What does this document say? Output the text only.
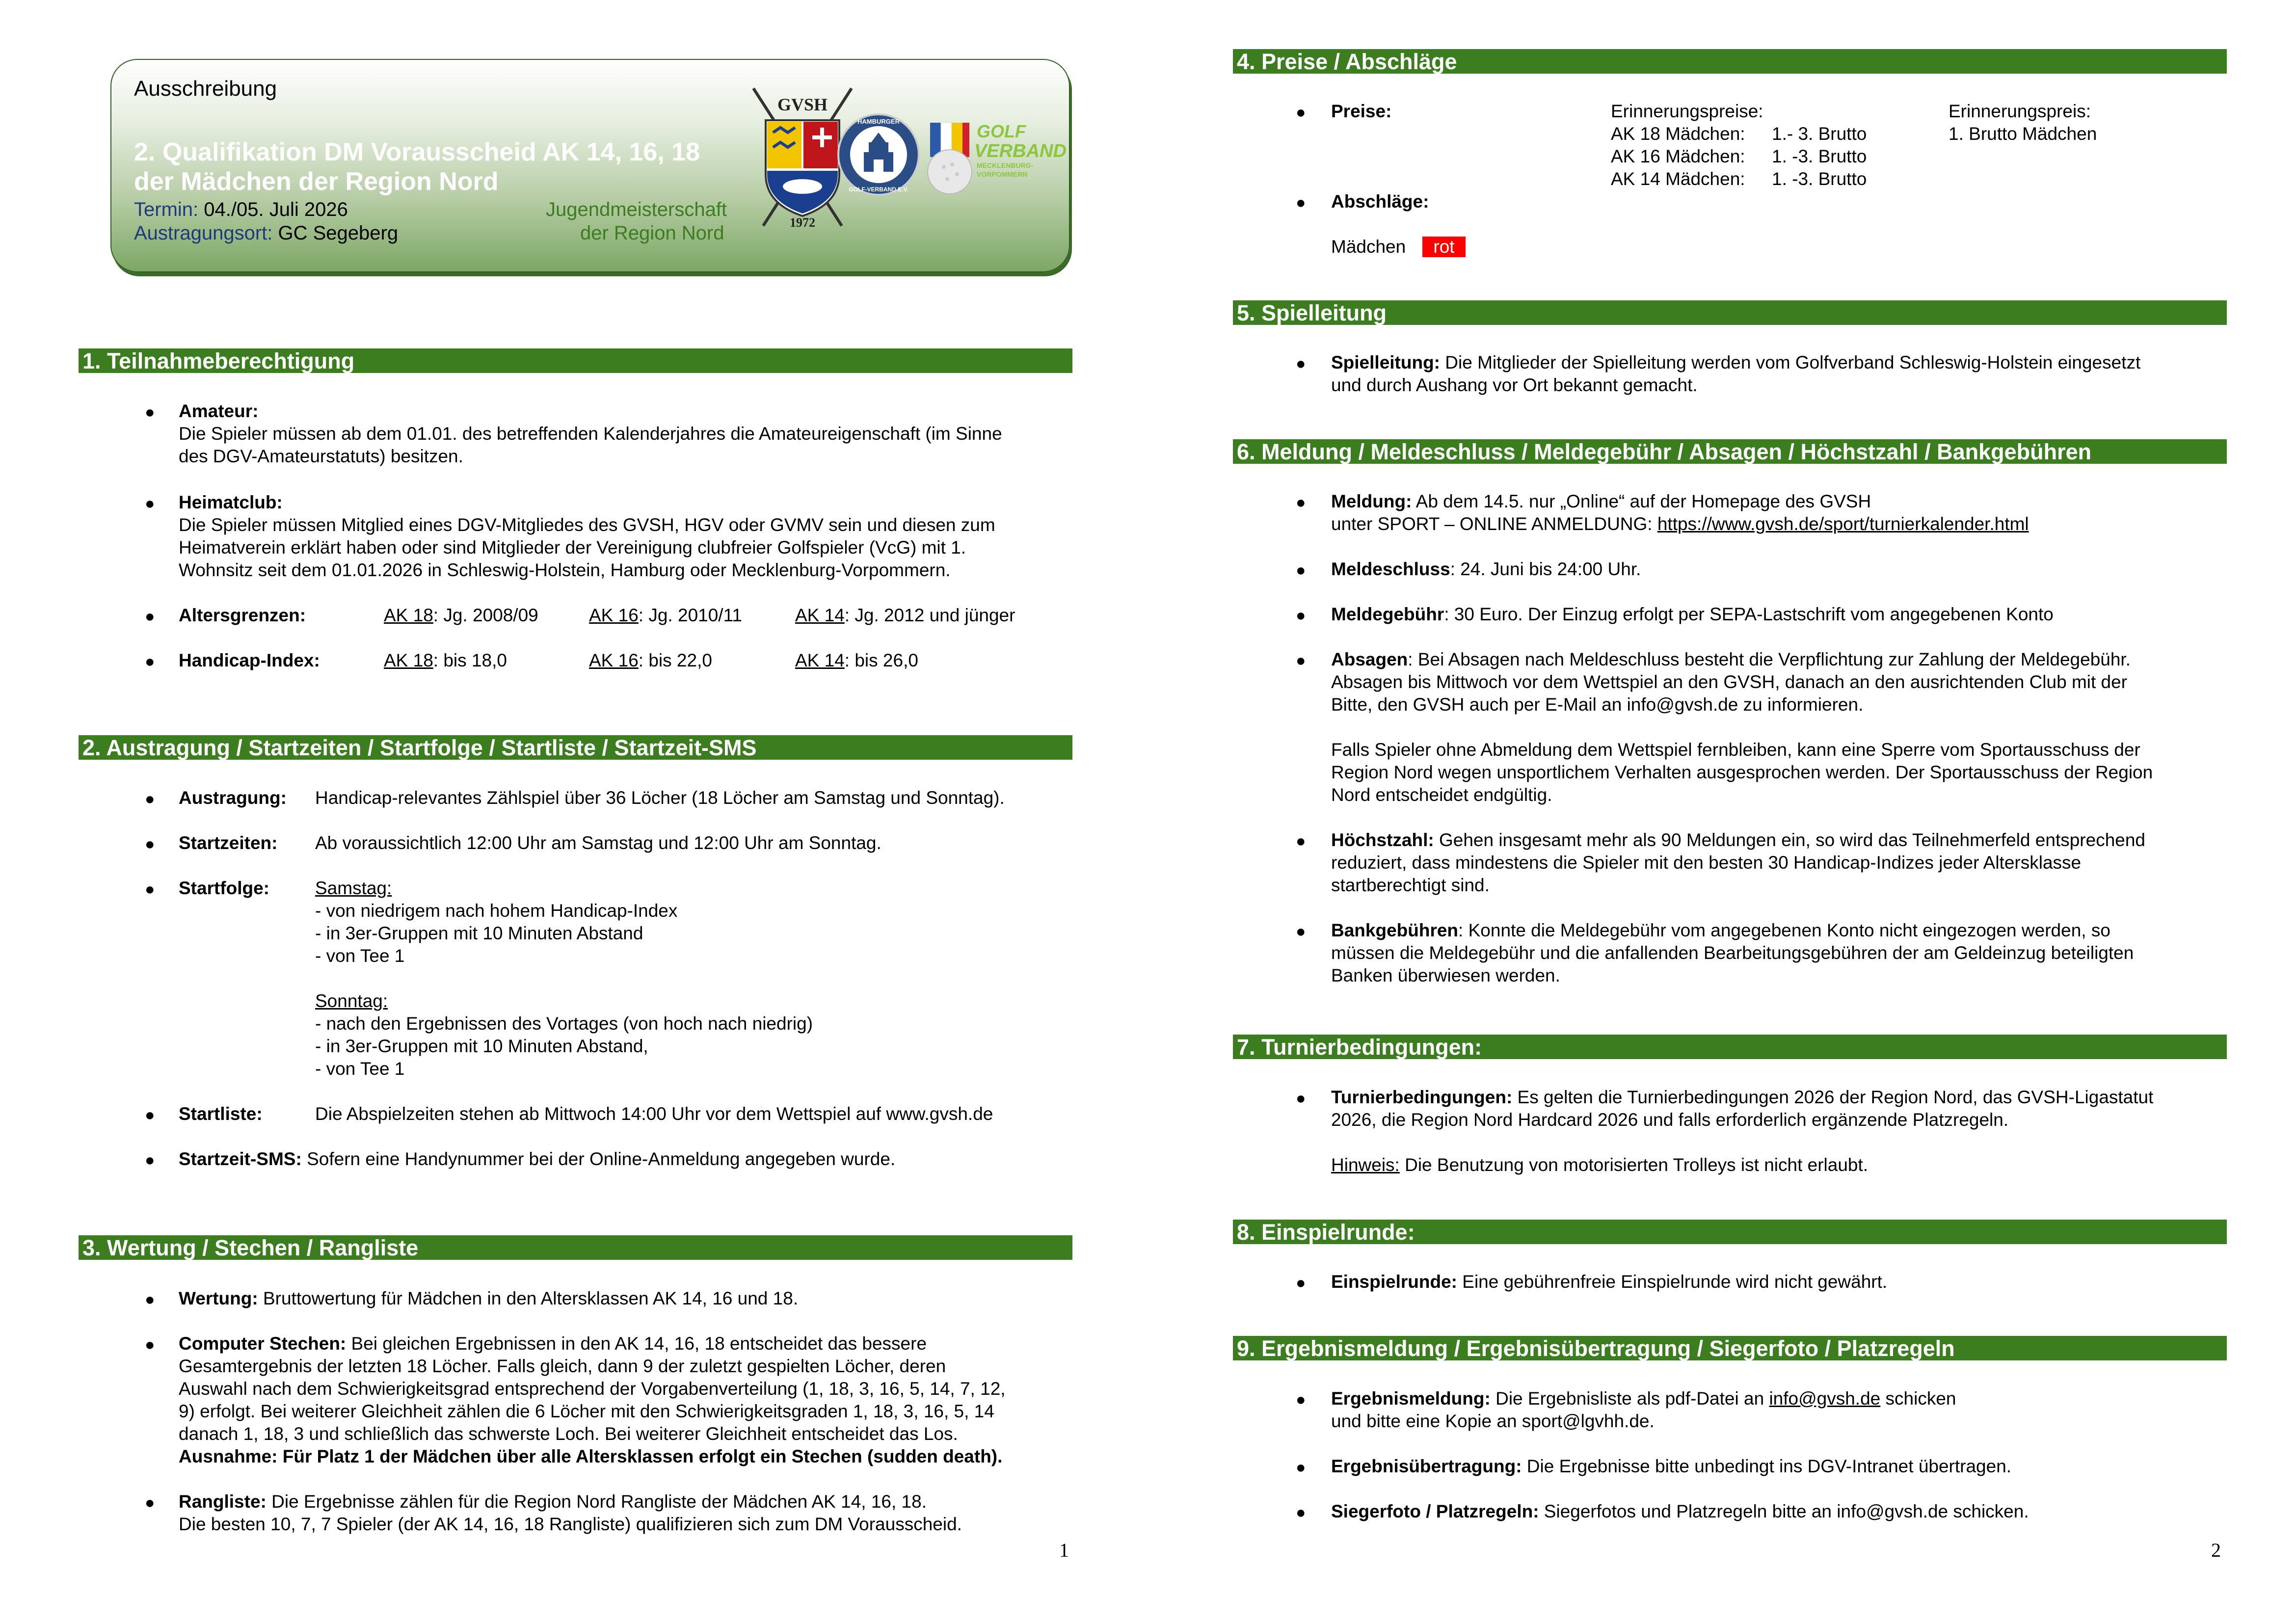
Ausschreibung
2. Qualifikation DM Vorausscheid AK 14, 16, 18
der Mädchen der Region Nord
Termin: 04./05. Juli 2026
Austragungsort: GC Segeberg
Jugendmeisterschaft
der Region Nord
GVSH
1972
HAMBURGER
GOLF-VERBAND E.V.
GOLF
VERBAND
MECKLENBURG-
VORPOMMERN
1. Teilnahmeberechtigung
● Amateur:
Die Spieler müssen ab dem 01.01. des betreffenden Kalenderjahres die Amateureigenschaft (im Sinne
des DGV-Amateurstatuts) besitzen.
● Heimatclub:
Die Spieler müssen Mitglied eines DGV-Mitgliedes des GVSH, HGV oder GVMV sein und diesen zum
Heimatverein erklärt haben oder sind Mitglieder der Vereinigung clubfreier Golfspieler (VcG) mit 1.
Wohnsitz seit dem 01.01.2026 in Schleswig-Holstein, Hamburg oder Mecklenburg-Vorpommern.
● Altersgrenzen:	AK 18: Jg. 2008/09	AK 16: Jg. 2010/11	AK 14: Jg. 2012 und jünger
● Handicap-Index:	AK 18: bis 18,0	AK 16: bis 22,0	AK 14: bis 26,0
2. Austragung / Startzeiten / Startfolge / Startliste / Startzeit-SMS
● Austragung: Handicap-relevantes Zählspiel über 36 Löcher (18 Löcher am Samstag und Sonntag).
● Startzeiten: Ab voraussichtlich 12:00 Uhr am Samstag und 12:00 Uhr am Sonntag.
● Startfolge:	Samstag:
- von niedrigem nach hohem Handicap-Index
- in 3er-Gruppen mit 10 Minuten Abstand
- von Tee 1
Sonntag:
- nach den Ergebnissen des Vortages (von hoch nach niedrig)
- in 3er-Gruppen mit 10 Minuten Abstand,
- von Tee 1
● Startliste:	Die Abspielzeiten stehen ab Mittwoch 14:00 Uhr vor dem Wettspiel auf www.gvsh.de
● Startzeit-SMS: Sofern eine Handynummer bei der Online-Anmeldung angegeben wurde.
3. Wertung / Stechen / Rangliste
● Wertung: Bruttowertung für Mädchen in den Altersklassen AK 14, 16 und 18.
● Computer Stechen: Bei gleichen Ergebnissen in den AK 14, 16, 18 entscheidet das bessere
Gesamtergebnis der letzten 18 Löcher. Falls gleich, dann 9 der zuletzt gespielten Löcher, deren
Auswahl nach dem Schwierigkeitsgrad entsprechend der Vorgabenverteilung (1, 18, 3, 16, 5, 14, 7, 12,
9) erfolgt. Bei weiterer Gleichheit zählen die 6 Löcher mit den Schwierigkeitsgraden 1, 18, 3, 16, 5, 14
danach 1, 18, 3 und schließlich das schwerste Loch. Bei weiterer Gleichheit entscheidet das Los.
Ausnahme: Für Platz 1 der Mädchen über alle Altersklassen erfolgt ein Stechen (sudden death).
● Rangliste: Die Ergebnisse zählen für die Region Nord Rangliste der Mädchen AK 14, 16, 18.
Die besten 10, 7, 7 Spieler (der AK 14, 16, 18 Rangliste) qualifizieren sich zum DM Vorausscheid.
1
4. Preise / Abschläge
● Preise:	Erinnerungspreise:
AK 18 Mädchen: 1.- 3. Brutto
AK 16 Mädchen: 1. -3. Brutto
AK 14 Mädchen: 1. -3. Brutto
Erinnerungspreis:
1. Brutto Mädchen
● Abschläge:
Mädchen	rot
5. Spielleitung
● Spielleitung: Die Mitglieder der Spielleitung werden vom Golfverband Schleswig-Holstein eingesetzt
und durch Aushang vor Ort bekannt gemacht.
6. Meldung / Meldeschluss / Meldegebühr / Absagen / Höchstzahl / Bankgebühren
● Meldung: Ab dem 14.5. nur „Online“ auf der Homepage des GVSH
unter SPORT – ONLINE ANMELDUNG: https://www.gvsh.de/sport/turnierkalender.html
● Meldeschluss: 24. Juni bis 24:00 Uhr.
● Meldegebühr: 30 Euro. Der Einzug erfolgt per SEPA-Lastschrift vom angegebenen Konto
● Absagen: Bei Absagen nach Meldeschluss besteht die Verpflichtung zur Zahlung der Meldegebühr.
Absagen bis Mittwoch vor dem Wettspiel an den GVSH, danach an den ausrichtenden Club mit der
Bitte, den GVSH auch per E-Mail an info@gvsh.de zu informieren.
Falls Spieler ohne Abmeldung dem Wettspiel fernbleiben, kann eine Sperre vom Sportausschuss der
Region Nord wegen unsportlichem Verhalten ausgesprochen werden. Der Sportausschuss der Region
Nord entscheidet endgültig.
● Höchstzahl: Gehen insgesamt mehr als 90 Meldungen ein, so wird das Teilnehmerfeld entsprechend
reduziert, dass mindestens die Spieler mit den besten 30 Handicap-Indizes jeder Altersklasse
startberechtigt sind.
● Bankgebühren: Konnte die Meldegebühr vom angegebenen Konto nicht eingezogen werden, so
müssen die Meldegebühr und die anfallenden Bearbeitungsgebühren der am Geldeinzug beteiligten
Banken überwiesen werden.
7. Turnierbedingungen:
● Turnierbedingungen: Es gelten die Turnierbedingungen 2026 der Region Nord, das GVSH-Ligastatut
2026, die Region Nord Hardcard 2026 und falls erforderlich ergänzende Platzregeln.
Hinweis: Die Benutzung von motorisierten Trolleys ist nicht erlaubt.
8. Einspielrunde:
● Einspielrunde: Eine gebührenfreie Einspielrunde wird nicht gewährt.
9. Ergebnismeldung / Ergebnisübertragung / Siegerfoto / Platzregeln
● Ergebnismeldung: Die Ergebnisliste als pdf-Datei an info@gvsh.de schicken
und bitte eine Kopie an sport@lgvhh.de.
● Ergebnisübertragung: Die Ergebnisse bitte unbedingt ins DGV-Intranet übertragen.
● Siegerfoto / Platzregeln: Siegerfotos und Platzregeln bitte an info@gvsh.de schicken.
2
